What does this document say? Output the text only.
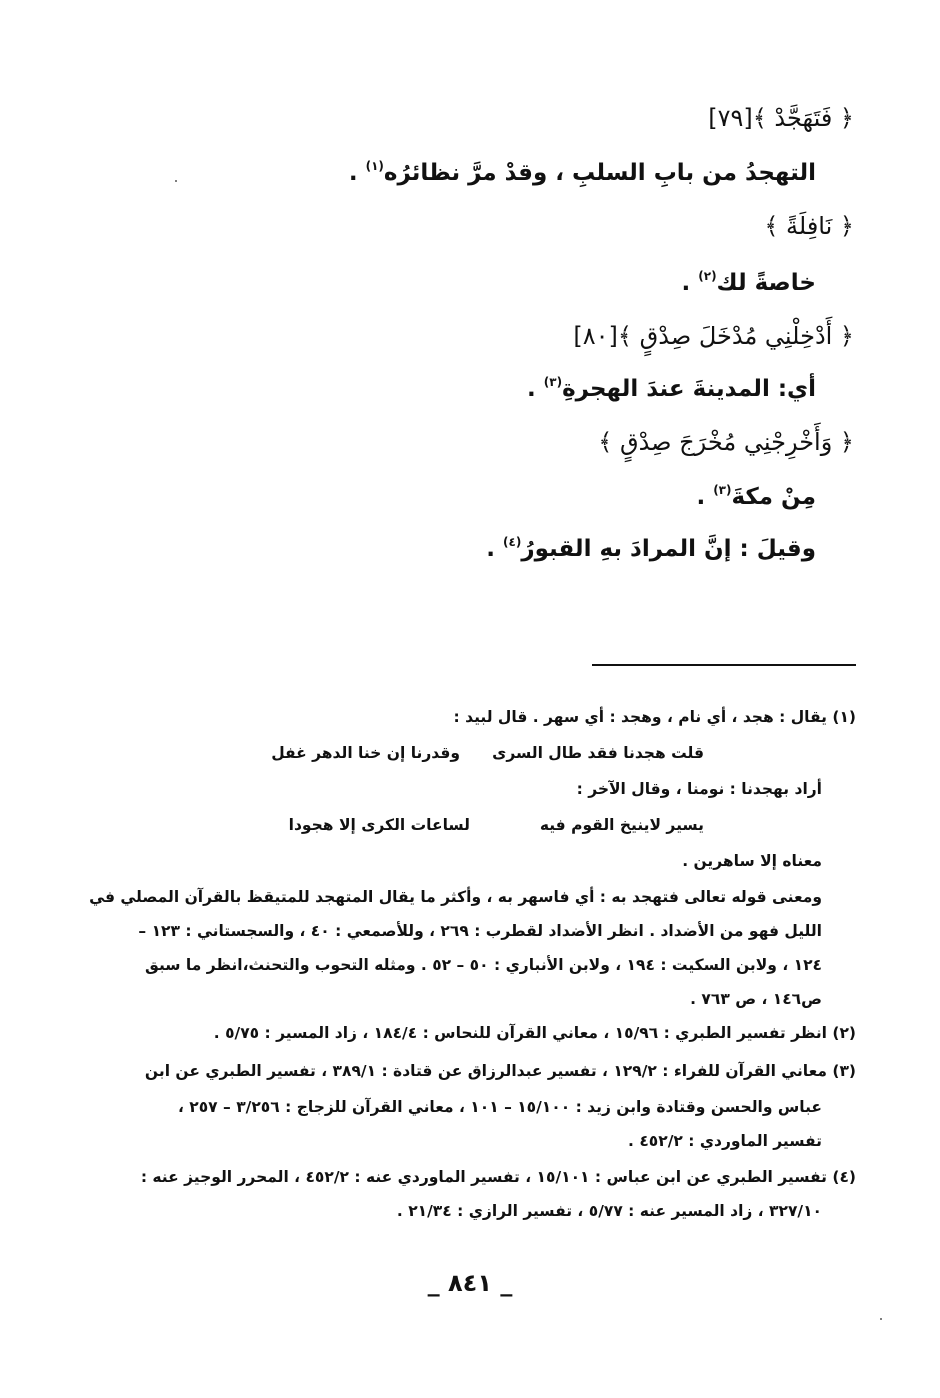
﴿ فَتَهَجَّدْ ﴾[٧٩]
التهجدُ من بابِ السلبِ ، وقدْ مرَّ نظائرُه$^{(١)}$ .
﴿ نَافِلَةً ﴾
خاصةً لك$^{(٢)}$ .
﴿ أَدْخِلْنِي مُدْخَلَ صِدْقٍ ﴾[٨٠]
أي: المدينةَ عندَ الهجرةِ$^{(٣)}$ .
﴿ وَأَخْرِجْنِي مُخْرَجَ صِدْقٍ ﴾
مِنْ مكةَ$^{(٣)}$ .
وقيلَ : إنَّ المرادَ بهِ القبورُ$^{(٤)}$ .
(١) يقال : هجد ، أي نام ، وهجد : أي سهر . قال لبيد :
قلت هجدنا فقد طال السرى
وقدرنا إن خنا الدهر غفل
أراد بهجدنا : نومنا ، وقال الآخر :
يسير لاينيخ القوم فيه
لساعات الكرى إلا هجودا
معناه إلا ساهرين .
ومعنى قوله تعالى فتهجد به : أي فاسهر به ، وأكثر ما يقال المتهجد للمتيقظ بالقرآن المصلي في
الليل فهو من الأضداد . انظر الأضداد لقطرب : ٢٦٩ ، وللأصمعي : ٤٠ ، والسجستاني : ١٢٣ –
١٢٤ ، ولابن السكيت : ١٩٤ ، ولابن الأنباري : ٥٠ – ٥٢ . ومثله التحوب والتحنث،انظر ما سبق
ص١٤٦ ، ص ٧٦٣ .
(٢) انظر تفسير الطبري : ١٥/٩٦ ، معاني القرآن للنحاس : ١٨٤/٤ ، زاد المسير : ٥/٧٥ .
(٣) معاني القرآن للفراء : ١٢٩/٢ ، تفسير عبدالرزاق عن قتادة : ٣٨٩/١ ، تفسير الطبري عن ابن
عباس والحسن وقتادة وابن زيد : ١٥/١٠٠ – ١٠١ ، معاني القرآن للزجاج : ٣/٢٥٦ – ٢٥٧ ،
تفسير الماوردي : ٤٥٢/٢ .
(٤) تفسير الطبري عن ابن عباس : ١٥/١٠١ ، تفسير الماوردي عنه : ٤٥٢/٢ ، المحرر الوجيز عنه :
٣٢٧/١٠ ، زاد المسير عنه : ٥/٧٧ ، تفسير الرازي : ٢١/٣٤ .
_ ٨٤١ _
